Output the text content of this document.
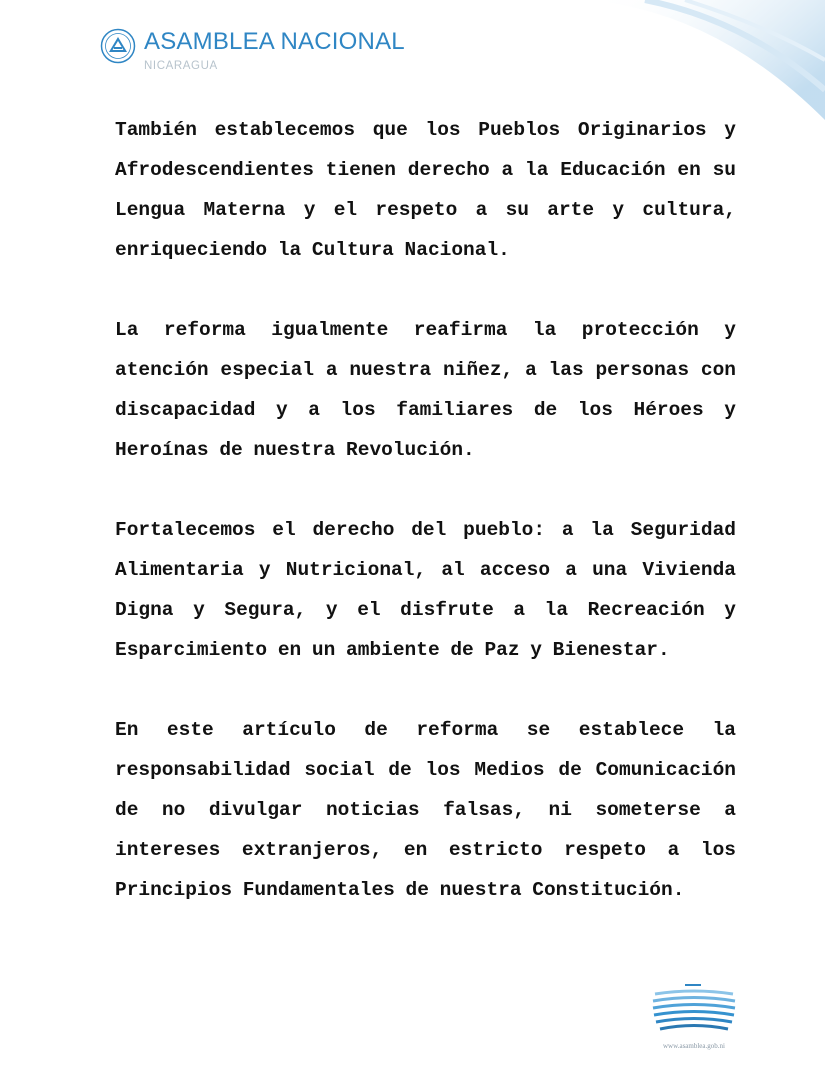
ASAMBLEA NACIONAL
NICARAGUA

También establecemos que los Pueblos Originarios y Afrodescendientes tienen derecho a la Educación en su Lengua Materna y el respeto a su arte y cultura, enriqueciendo la Cultura Nacional.

La reforma igualmente reafirma la protección y atención especial a nuestra niñez, a las personas con discapacidad y a los familiares de los Héroes y Heroínas de nuestra Revolución.

Fortalecemos el derecho del pueblo: a la Seguridad Alimentaria y Nutricional, al acceso a una Vivienda Digna y Segura, y el disfrute a la Recreación y Esparcimiento en un ambiente de Paz y Bienestar.

En este artículo de reforma se establece la responsabilidad social de los Medios de Comunicación de no divulgar noticias falsas, ni someterse a intereses extranjeros, en estricto respeto a los Principios Fundamentales de nuestra Constitución.

www.asamblea.gob.ni
